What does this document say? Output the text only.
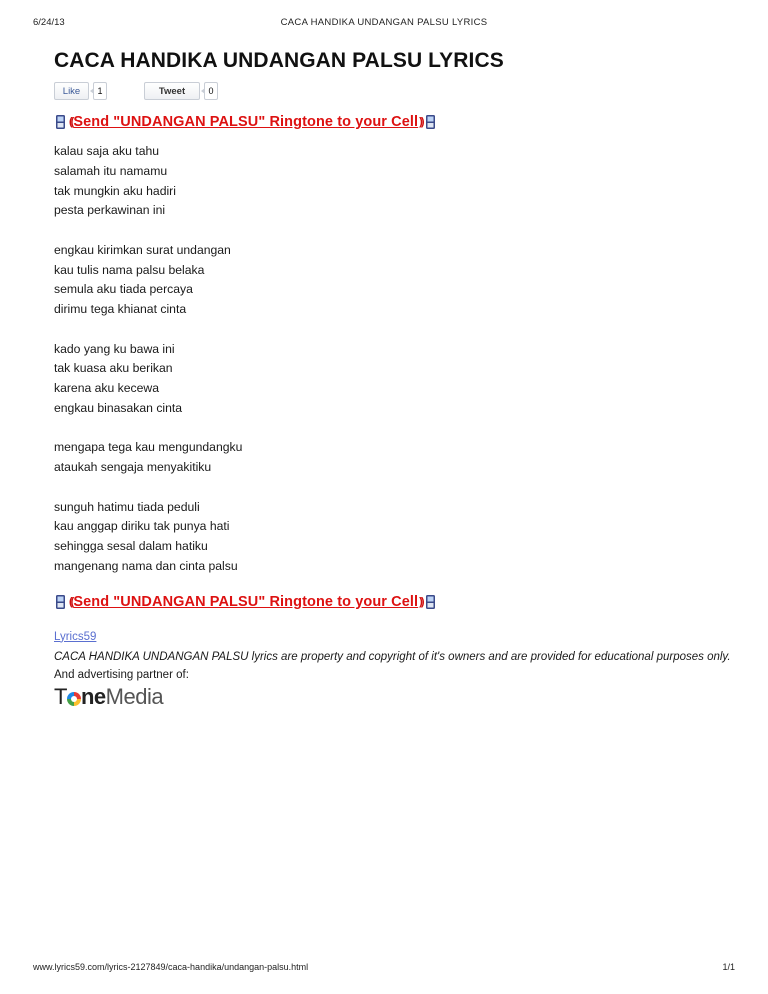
6/24/13	CACA HANDIKA UNDANGAN PALSU LYRICS
CACA HANDIKA UNDANGAN PALSU LYRICS
Like	1	Tweet	0
(( Send "UNDANGAN PALSU" Ringtone to your Cell ))
kalau saja aku tahu
salamah itu namamu
tak mungkin aku hadiri
pesta perkawinan ini
engkau kirimkan surat undangan
kau tulis nama palsu belaka
semula aku tiada percaya
dirimu tega khianat cinta
kado yang ku bawa ini
tak kuasa aku berikan
karena aku kecewa
engkau binasakan cinta
mengapa tega kau mengundangku
ataukah sengaja menyakitiku
sunguh hatimu tiada peduli
kau anggap diriku tak punya hati
sehingga sesal dalam hatiku
mangenang nama dan cinta palsu
(( Send "UNDANGAN PALSU" Ringtone to your Cell ))
Lyrics59
CACA HANDIKA UNDANGAN PALSU lyrics are property and copyright of it's owners and are provided for educational purposes only.
And advertising partner of:
T ne Media
www.lyrics59.com/lyrics-2127849/caca-handika/undangan-palsu.html	1/1
